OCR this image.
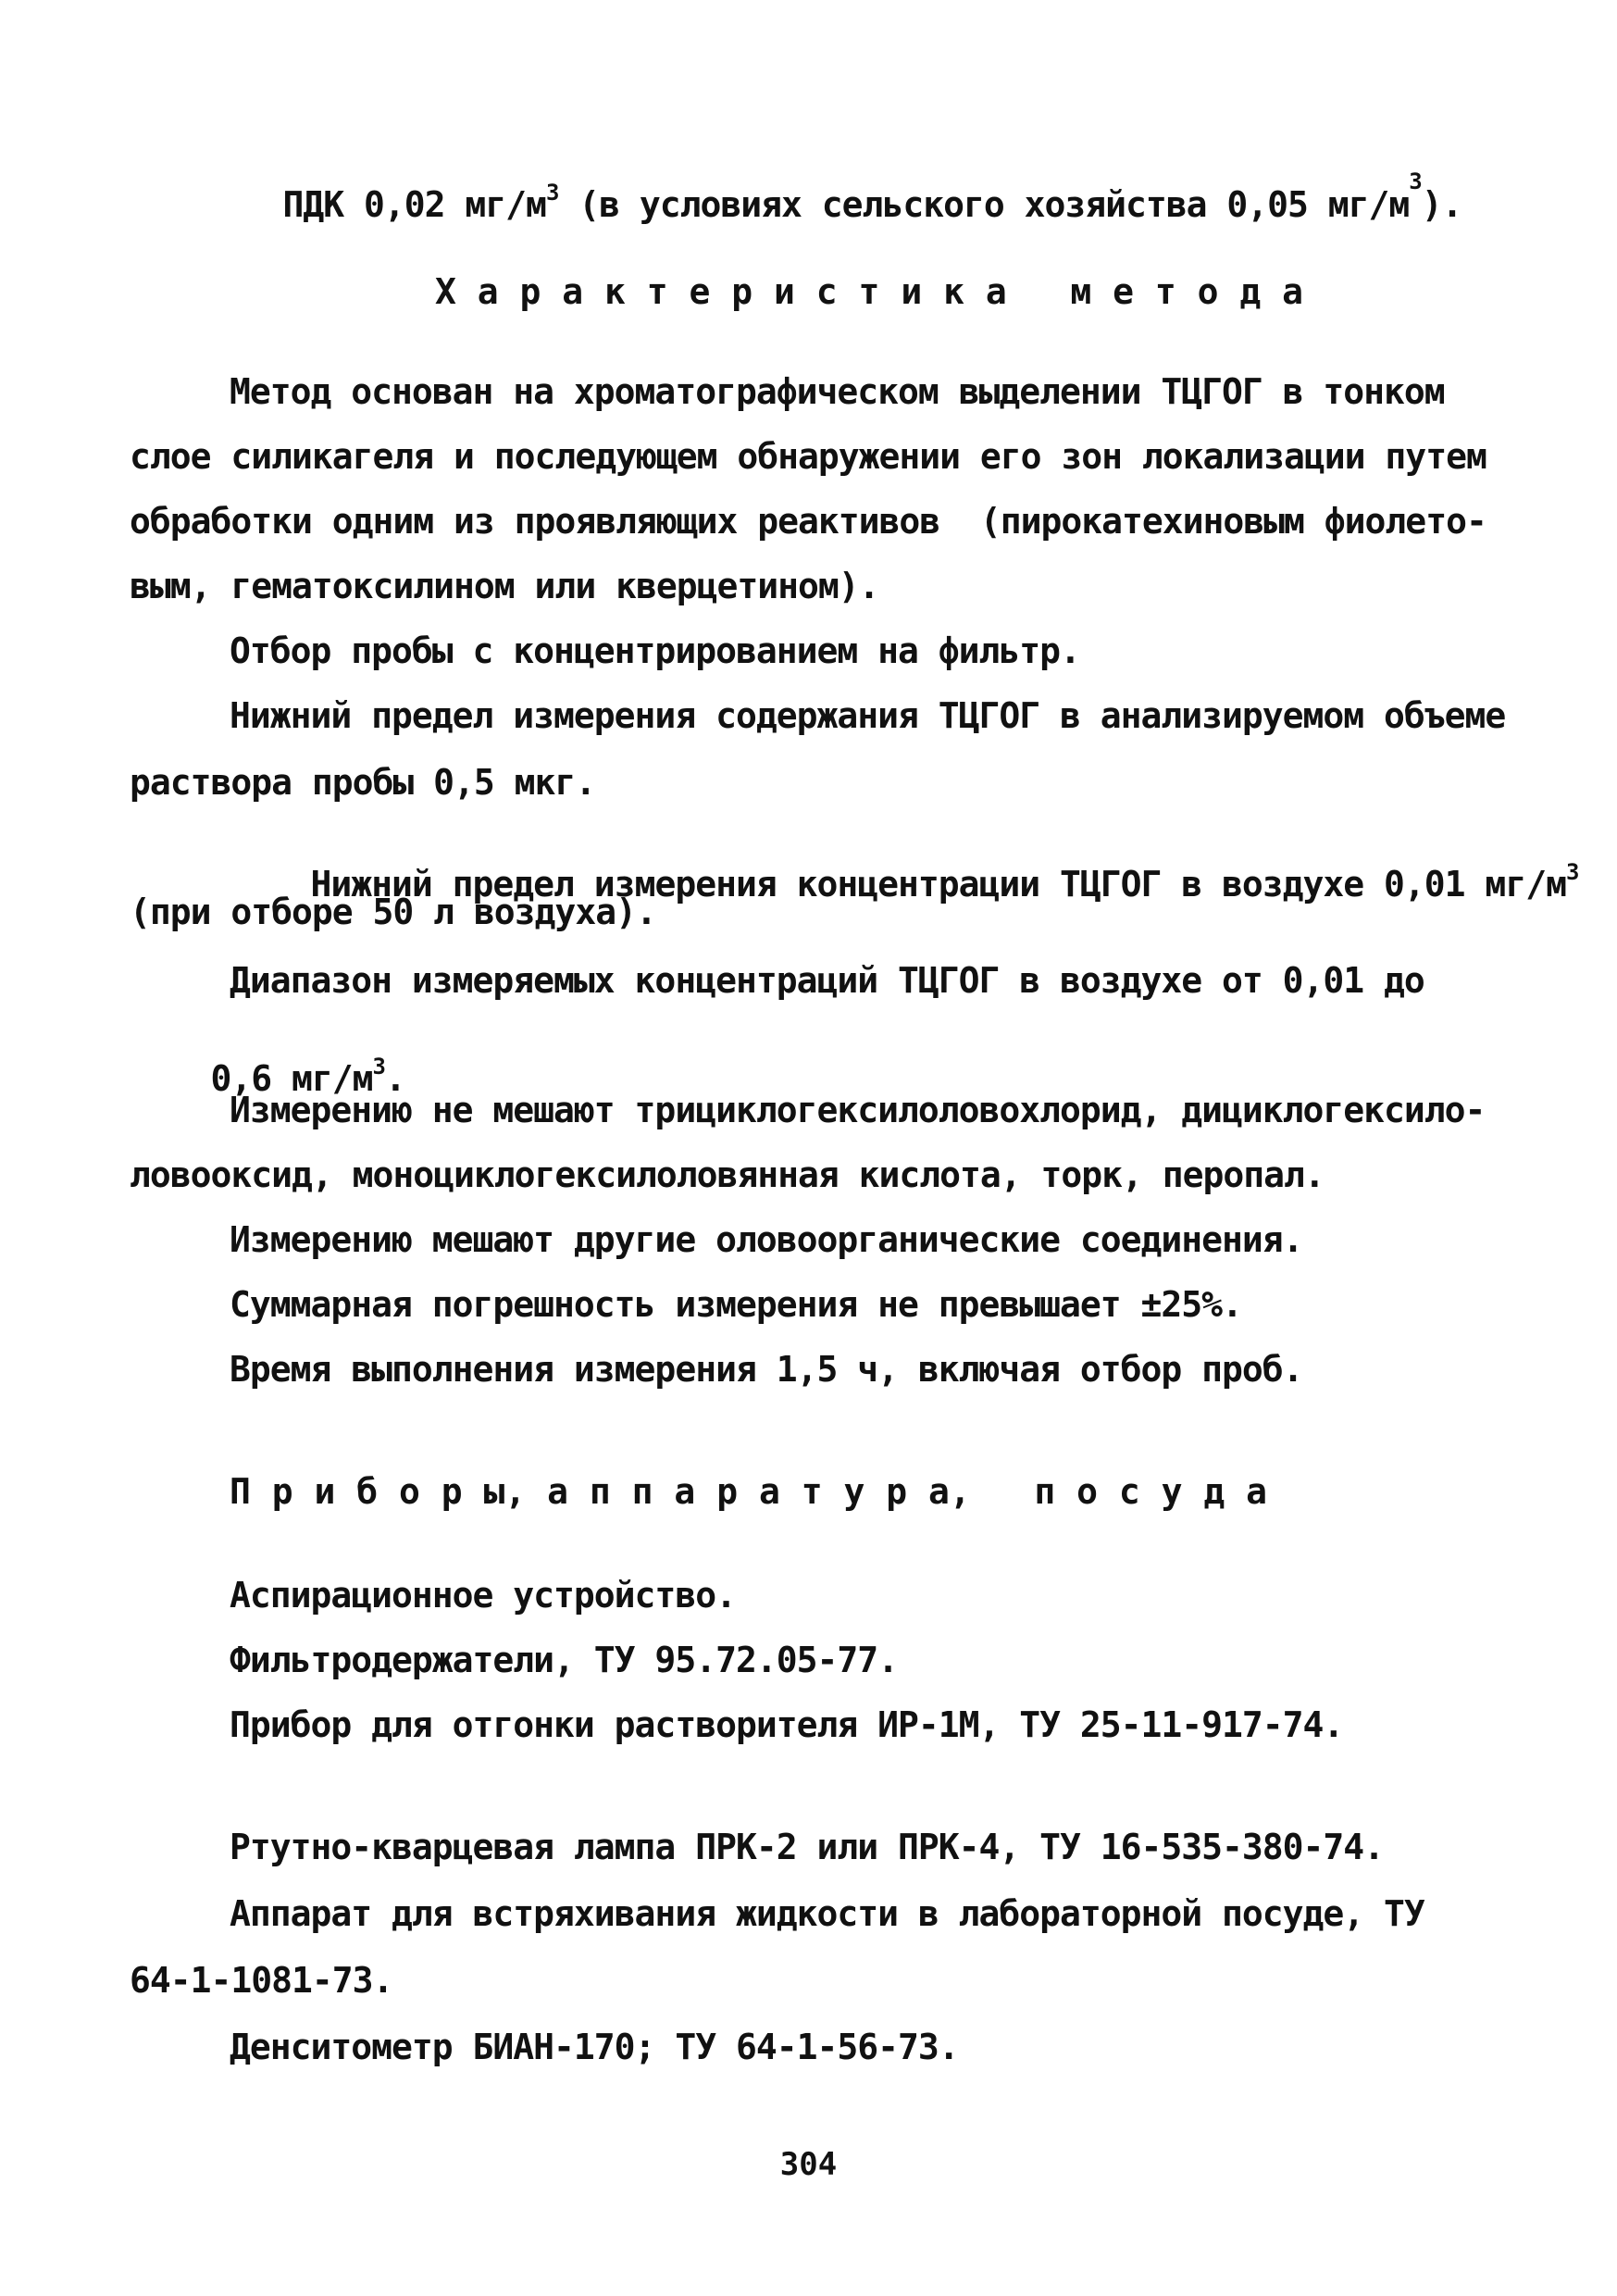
ПДК 0,02 $мг/м^3$ (в условиях сельского хозяйства 0,05 $мг/м^3$).

Х а р а к т е р и с т и к а   м е т о д а
Метод основан на хроматографическом выделении ТЦГОГ в тонком
слое силикагеля и последующем обнаружении его зон локализации путем
обработки одним из проявляющих реактивов  (пирокатехиновым фиолето-
вым, гематоксилином или кверцетином).
Отбор пробы с концентрированием на фильтр.
Нижний предел измерения содержания ТЦГОГ в анализируемом объеме
раствора пробы 0,5 мкг.

Нижний предел измерения концентрации ТЦГОГ в воздухе 0,01 $мг/м^3$

(при отборе 50 л воздуха).
Диапазон измеряемых концентраций ТЦГОГ в воздухе от 0,01 до

0,6 $мг/м^3$.

Измерению не мешают трициклогексилоловохлорид, дициклогексило-
ловооксид, моноциклогексилоловянная кислота, торк, перопал.
Измерению мешают другие оловоорганические соединения.
Суммарная погрешность измерения не превышает ±25%.
Время выполнения измерения 1,5 ч, включая отбор проб.
П р и б о р ы, а п п а р а т у р а,   п о с у д а
Аспирационное устройство.
Фильтродержатели, ТУ 95.72.05-77.
Прибор для отгонки растворителя ИР-1М, ТУ 25-11-917-74.
Ртутно-кварцевая лампа ПРК-2 или ПРК-4, ТУ 16-535-380-74.
Аппарат для встряхивания жидкости в лабораторной посуде, ТУ
64-1-1081-73.
Денситометр БИАН-170; ТУ 64-1-56-73.
304
